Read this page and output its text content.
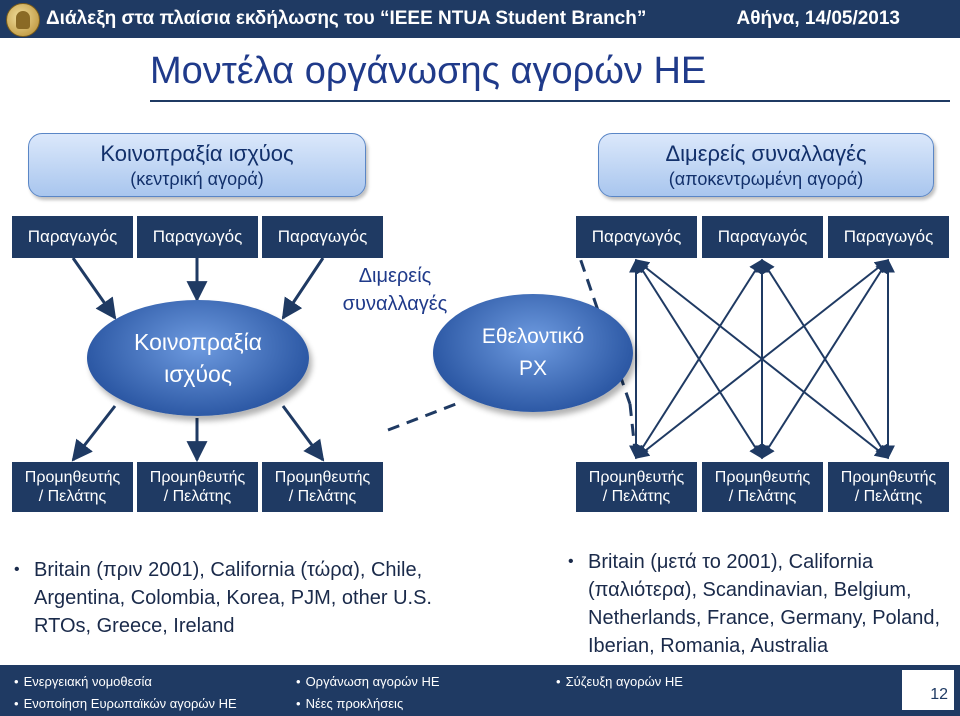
Διάλεξη στα πλαίσια εκδήλωσης του “IEEE NTUA Student Branch”	Αθήνα, 14/05/2013
Μοντέλα οργάνωσης αγορών ΗΕ
Κοινοπραξία ισχύος
(κεντρική αγορά)
Διμερείς συναλλαγές
(αποκεντρωμένη αγορά)
Παραγωγός	Παραγωγός	Παραγωγός	Παραγωγός	Παραγωγός	Παραγωγός
Διμερείς
συναλλαγές
Κοινοπραξία
ισχύος
Εθελοντικό
ΡΧ
Προμηθευτής
/ Πελάτης
Προμηθευτής
/ Πελάτης
Προμηθευτής
/ Πελάτης
Προμηθευτής
/ Πελάτης
Προμηθευτής
/ Πελάτης
Προμηθευτής
/ Πελάτης
• Britain (πριν 2001), California (τώρα), Chile, Argentina, Colombia, Korea, PJM, other U.S. RTOs, Greece, Ireland
• Britain (μετά το 2001), California (παλιότερα), Scandinavian, Belgium, Netherlands, France, Germany, Poland, Iberian, Romania, Australia
• Ενεργειακή νομοθεσία
• Ενοποίηση Ευρωπαϊκών αγορών ΗΕ
• Οργάνωση αγορών ΗΕ
• Νέες προκλήσεις
• Σύζευξη αγορών ΗΕ
12
